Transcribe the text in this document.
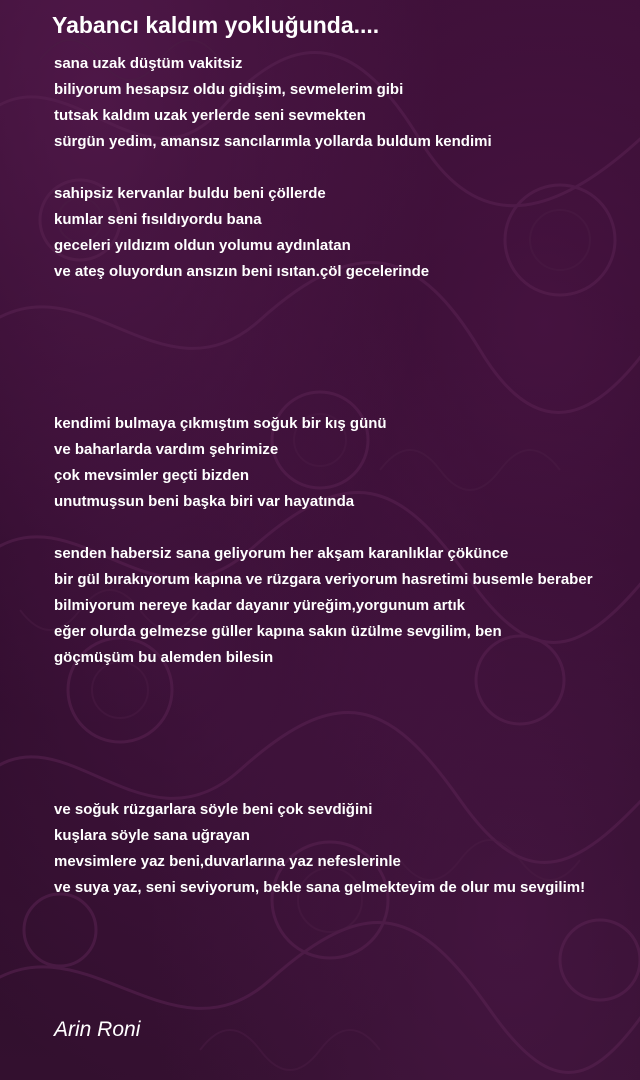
Yabancı kaldım yokluğunda....
sana uzak düştüm vakitsiz
biliyorum hesapsız oldu gidişim, sevmelerim gibi
tutsak kaldım uzak yerlerde seni sevmekten
sürgün yedim, amansız sancılarımla yollarda buldum kendimi
sahipsiz kervanlar buldu beni çöllerde
kumlar seni fısıldıyordu bana
geceleri yıldızım oldun yolumu aydınlatan
ve ateş oluyordun ansızın beni ısıtan.çöl gecelerinde
kendimi bulmaya çıkmıştım soğuk bir kış günü
ve baharlarda vardım şehrimize
çok mevsimler geçti bizden
unutmuşsun beni başka biri var hayatında
senden habersiz sana geliyorum her akşam karanlıklar çökünce
bir gül bırakıyorum kapına ve rüzgara veriyorum hasretimi busemle beraber
bilmiyorum nereye kadar dayanır yüreğim,yorgunum artık
eğer olurda gelmezse güller kapına sakın üzülme sevgilim, ben
göçmüşüm bu alemden bilesin
ve soğuk rüzgarlara söyle beni çok sevdiğini
kuşlara söyle sana uğrayan
mevsimlere yaz beni,duvarlarına yaz nefeslerinle
ve suya yaz, seni seviyorum, bekle sana gelmekteyim de olur mu sevgilim!
Arin Roni
